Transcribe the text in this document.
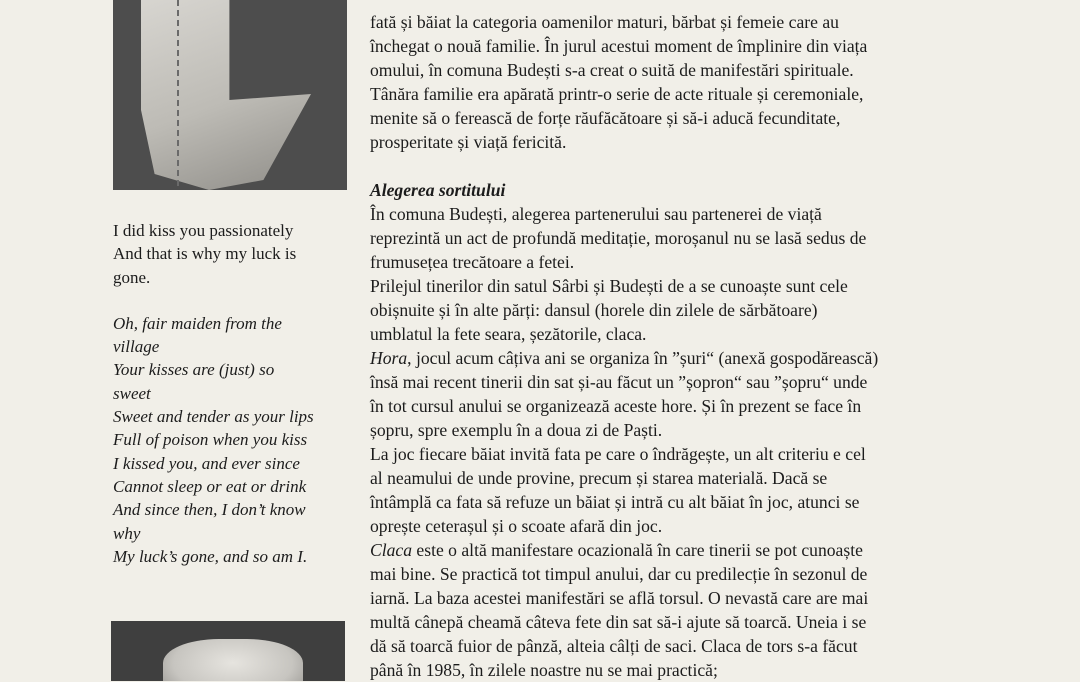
I did kiss you passionately
And that is why my luck is
gone.
Oh, fair maiden from the
village
Your kisses are (just) so
sweet
Sweet and tender as your lips
Full of poison when you kiss
I kissed you, and ever since
Cannot sleep or eat or drink
And since then, I don’t know
why
My luck’s gone, and so am I.
fată și băiat la categoria oamenilor maturi, bărbat și femeie care au
închegat o nouă familie. În jurul acestui moment de împlinire din viața
omului, în comuna Budești s-a creat o suită de manifestări spirituale.
Tânăra familie era apărată printr-o serie de acte rituale și ceremoniale,
menite să o ferească de forțe răufăcătoare și să-i aducă fecunditate,
prosperitate și viață fericită.
Alegerea sortitului
În comuna Budești, alegerea partenerului sau partenerei de viață
reprezintă un act de profundă meditație, moroșanul nu se lasă sedus de
frumusețea trecătoare a fetei.
Prilejul tinerilor din satul Sârbi și Budești de a se cunoaște sunt cele
obișnuite și în alte părți: dansul (horele din zilele de sărbătoare)
umblatul la fete seara, șezătorile, claca.
Hora, jocul acum câțiva ani se organiza în ”șuri“ (anexă gospodărească)
însă mai recent tinerii din sat și-au făcut un ”șopron“ sau ”șopru“ unde
în tot cursul anului se organizează aceste hore. Și în prezent se face în
șopru, spre exemplu în a doua zi de Paști.
La joc fiecare băiat invită fata pe care o îndrăgește, un alt criteriu e cel
al neamului de unde provine, precum și starea materială. Dacă se
întâmplă ca fata să refuze un băiat și intră cu alt băiat în joc, atunci se
oprește ceterașul și o scoate afară din joc.
Claca este o altă manifestare ocazională în care tinerii se pot cunoaște
mai bine. Se practică tot timpul anului, dar cu predilecție în sezonul de
iarnă. La baza acestei manifestări se află torsul. O nevastă care are mai
multă cânepă cheamă câteva fete din sat să-i ajute să toarcă. Uneia i se
dă să toarcă fuior de pânză, alteia câlți de saci. Claca de tors s-a făcut
până în 1985, în zilele noastre nu se mai practică;
